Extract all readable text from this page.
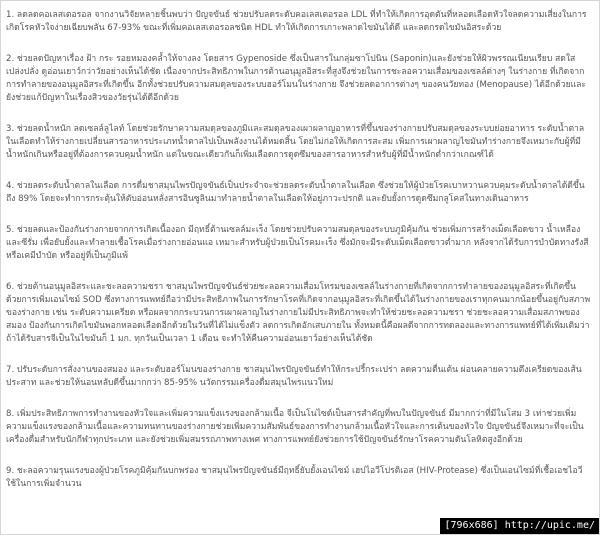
1. ลดลดคอเลสเตอรอล จากงานวิจัยหลายชิ้นพบว่า ปัญจขันธ์ ช่วยปรับลดระดับคอเลสเตอรอล LDL ที่ทำให้เกิดการอุดตันที่หลอดเลือดหัวใจลดความเสี่ยงในการเกิดโรคหัวใจง่ายเฉียบพลัน 67-93% ขณะที่เพิ่มคอเลสเตอรอลชนิด HDL ทำให้เกิดการเกาะพลาดไขมันได้ดี และลดกรดไขมันอิสระด้วย

2. ช่วยลดปัญหาเรื่อง ฝ้า กระ รอยหมองคล้ำให้จางลง โดยสาร Gypenoside ซึ่งเป็นสารในกลุ่มซาโปนิน (Saponin)และยังช่วยให้ผิวพรรณเนียนเรียบ สดใส เปล่งปลั่ง ดูอ่อนเยาว์กว่าวัยอย่างเห็นได้ชัด เนื่องจากประสิทธิภาพในการต้านอนุมูลอิสระที่สูงจึงช่วยในการชะลอความเสื่อมของเซลล์ต่างๆ ในร่างกาย ที่เกิดจากการทำลายของอนุมูลอิสระที่เกิดขึ้น อีกทั้งช่วยปรับความสมดุลของระบบฮอร์โมนในร่างกาย จึงช่วยลดอาการต่างๆ ของคนวัยทอง (Menopause) ได้อีกด้วยและยังช่วยแก้ปัญหาในเรื่องสิวของวัยรุ่นได้ดีอีกด้วย

3. ช่วยลดน้ำหนัก ลดเซลล์ลูไลท์ โดยช่วยรักษาความสมดุลของภูมิและสมดุลของเผาผลาญอาหารที่ขึ้นของร่างกายปรับสมดุลของระบบย่อยอาหาร ระดับน้ำตาลในเลือดทำให้ร่างกายเปลี่ยนสารอาหารประเภทน้ำตาลไปเป็นพลังงานได้หมดสิ้น โดยไม่ก่อให้เกิดการสะสม เพิ่มการเผาผลาญไขมันทำร่างกายจึงเหมาะกับผู้ที่มีน้ำหนักเกินหรืออยู่ที่ต้องการควบคุมน้ำหนัก แต่ในขณะเดียวกันก็เพิ่มเลือดการดูดซึมของสารอาหารสำหรับผู้ที่มีน้ำหนักต่ำกว่าเกณฑ์ได้

4. ช่วยลดระดับน้ำตาลในเลือด การดื่มชาสมุนไพรปัญจขันธ์เป็นประจำจะช่วยลดระดับน้ำตาลในเลือด ซึ่งช่วยให้ผู้ป่วยโรคเบาหวานควบคุมระดับน้ำตาลได้ดีขึ้นถึง 89% โดยจะทำการกระตุ้นให้ตับอ่อนหลั่งสารอินซูลินมาทำลายน้ำตาลในเลือดให้อยู่ภาวะปรกติ และยับยั้งการดูดซึมกลูโคสในทางเดินอาหาร

5. ช่วยลดและป้องกันร่างกายจากการเกิดเนื้องอก มีฤทธิ์ต้านเซลล์มะเร็ง โดยช่วยปรับความสมดุลของระบบภูมิคุ้มกัน ช่วยเพิ่มการสร้างเม็ดเลือดขาว น้ำเหลือง และซีรั่ม เพื่อยับยั้งและทำลายเชื้อโรคเมื่อร่างกายอ่อนแอ เหมาะสำหรับผู้ป่วยเป็นโรคมะเร็ง ซึ่งมักจะมีระดับเม็ดเลือดขาวต่ำมาก หลังจากได้รับการบำบัดทางรังสี หรือเคมีบำบัด หรืออยู่ที่เป็นภูมิแพ้

6. ช่วยต้านอนุมูลอิสระและชะลอความชรา ชาสมุนไพรปัญจขันธ์ช่วยชะลอความเสื่อมโทรมของเซลล์ในร่างกายที่เกิดจากการทำลายของอนุมูลอิสระที่เกิดขึ้นด้วยการเพิ่มเอนไซม์ SOD ซึ่งทางการแพทย์ถือว่ามีประสิทธิภาพในการรักษาโรคที่เกิดจากอนุมูลอิสระที่เกิดขึ้นได้ในร่างกายของเราทุกคนมากน้อยขึ้นอยู่กับสภาพของร่างกาย เช่น ระดับความเครียด หรือผลจากกระบวนการเผาผลาญในร่างกายไม่มีประสิทธิภาพจะทำให้ช่วยชะลอความชรา ช่วยชะลอความเสื่อมสภาพของสมอง ป้องกันการเกิดไขมันพอกหลอดเลือดอีกด้วยในวันที่ได้ไม่แข็งตัว ลดการเกิดอักเสบภายใน ทั้งหมดนี้คือผลดีจากการทดลองและทางการแพทย์ที่ได้เพิ่มเติมว่า ถ้าได้รับสารจีเป็นในไขมันก็ 1 มก. ทุกวันเป็นเวลา 1 เดือน จะทำให้คืนความอ่อนเยาว์อย่างเห็นได้ชัด

7. ปรับระดับการสั่งงานของสมอง และระดับฮอร์โมนของร่างกาย ชาสมุนไพรปัญจขันธ์ทำให้กระปรี้กระเปร่า ลดความตื่นเต้น ผ่อนคลายความตึงเครียดของเส้นประสาท และช่วยให้นอนหลับดีขึ้นมากกว่า 85-95% นวัตกรรมเครื่องดื่มสมุนไพรแนวใหม่

8. เพิ่มประสิทธิภาพการทำงานของหัวใจและเพิ่มความแข็งแรงของกล้ามเนื้อ จีเป็นโนไซด์เป็นสารสำคัญที่พบในปัญจขันธ์ มีมากกว่าที่มีในโสม 3 เท่าช่วยเพิ่มความแข็งแรงของกล้ามเนื้อและความทนทานของร่างกายช่วยเพิ่มความสัมพันธ์ของการทำงานกล้ามเนื้อหัวใจและการเต้นของหัวใจ ปัญจขันธ์จึงเหมาะที่จะเป็นเครื่องดื่มสำหรับนักกีฬาทุกประเภท และยังช่วยเพิ่มสมรรถภาพทางเพศ ทางการแพทย์ยังช่วยการใช้ปัญจขันธ์รักษาโรคความดันโลหิตสูงอีกด้วย

9. ชะลอความรุนแรงของผู้ป่วยโรคภูมิคุ้มกันบกพร่อง ชาสมุนไพรปัญจขันธ์มีฤทธิ์ยับยั้งเอนไซม์ เฮปไอวีโปรติเอส (HIV-Protease) ซึ่งเป็นเอนไซม์ที่เชื้อเอชไอวีใช้ในการเพิ่มจำนวน

[796x686] http://upic.me/
